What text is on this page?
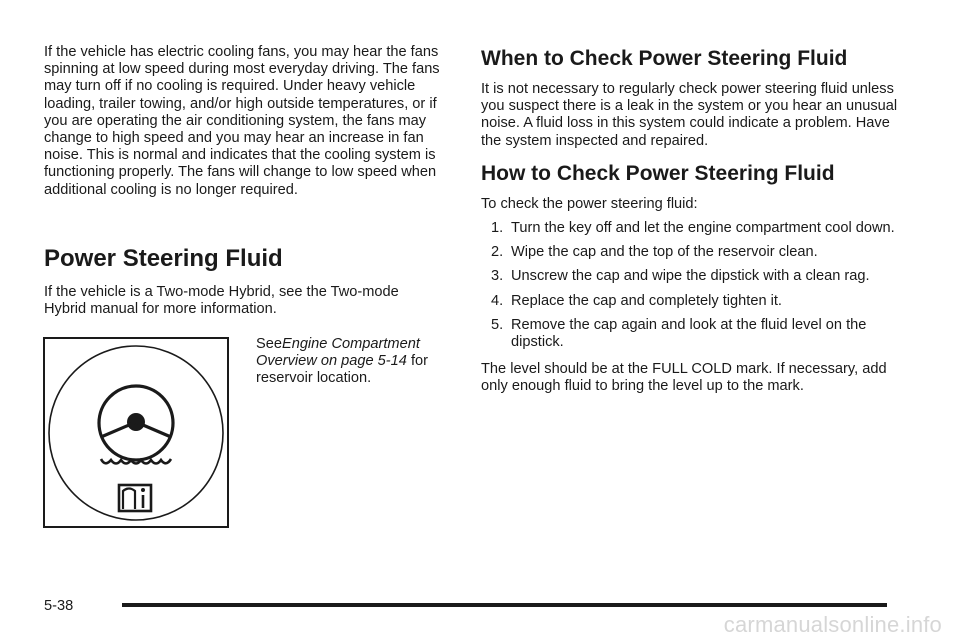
If the vehicle has electric cooling fans, you may hear the fans spinning at low speed during most everyday driving. The fans may turn off if no cooling is required. Under heavy vehicle loading, trailer towing, and/or high outside temperatures, or if you are operating the air conditioning system, the fans may change to high speed and you may hear an increase in fan noise. This is normal and indicates that the cooling system is functioning properly. The fans will change to low speed when additional cooling is no longer required.

Power Steering Fluid

If the vehicle is a Two-mode Hybrid, see the Two-mode Hybrid manual for more information.

SeeEngine Compartment Overview on page 5-14 for reservoir location.

When to Check Power Steering Fluid

It is not necessary to regularly check power steering fluid unless you suspect there is a leak in the system or you hear an unusual noise. A fluid loss in this system could indicate a problem. Have the system inspected and repaired.

How to Check Power Steering Fluid

To check the power steering fluid:

1. Turn the key off and let the engine compartment cool down.
2. Wipe the cap and the top of the reservoir clean.
3. Unscrew the cap and wipe the dipstick with a clean rag.
4. Replace the cap and completely tighten it.
5. Remove the cap again and look at the fluid level on the dipstick.

The level should be at the FULL COLD mark. If necessary, add only enough fluid to bring the level up to the mark.

5-38
carmanualsonline.info
